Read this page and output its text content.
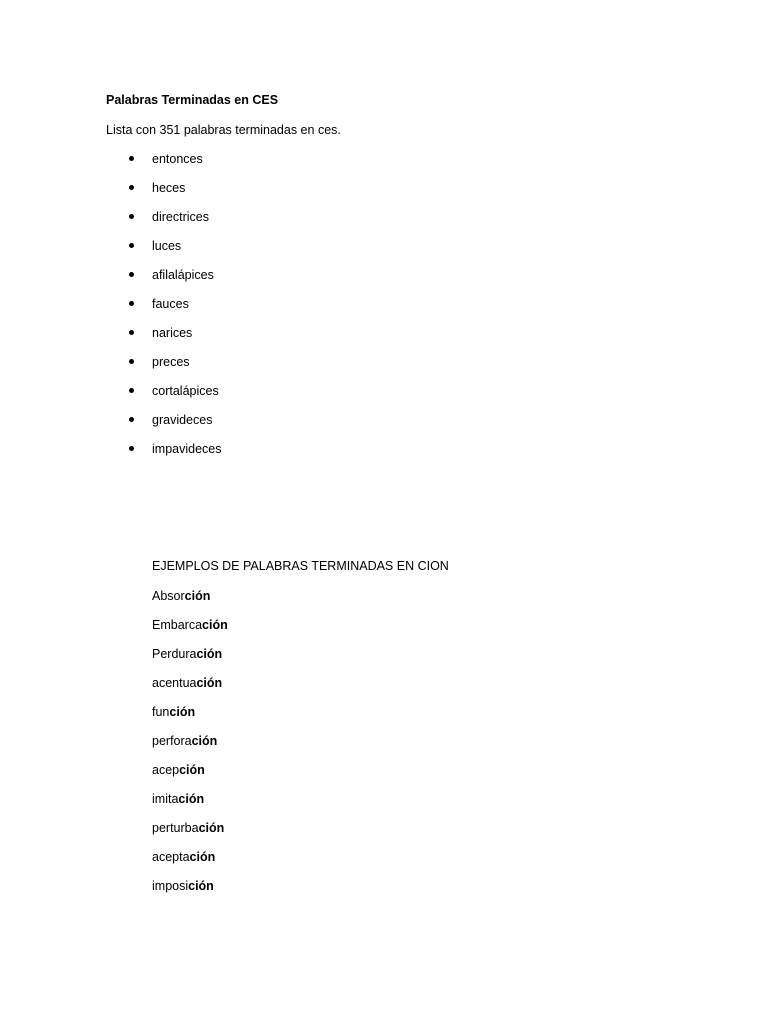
Palabras Terminadas en CES
Lista con 351 palabras terminadas en ces.
entonces
heces
directrices
luces
afilalápices
fauces
narices
preces
cortalápices
gravideces
impavideces
EJEMPLOS DE PALABRAS TERMINADAS EN CION
Absorción
Embarcación
Perduración
acentuación
función
perforación
acepción
imitación
perturbación
aceptación
imposición
